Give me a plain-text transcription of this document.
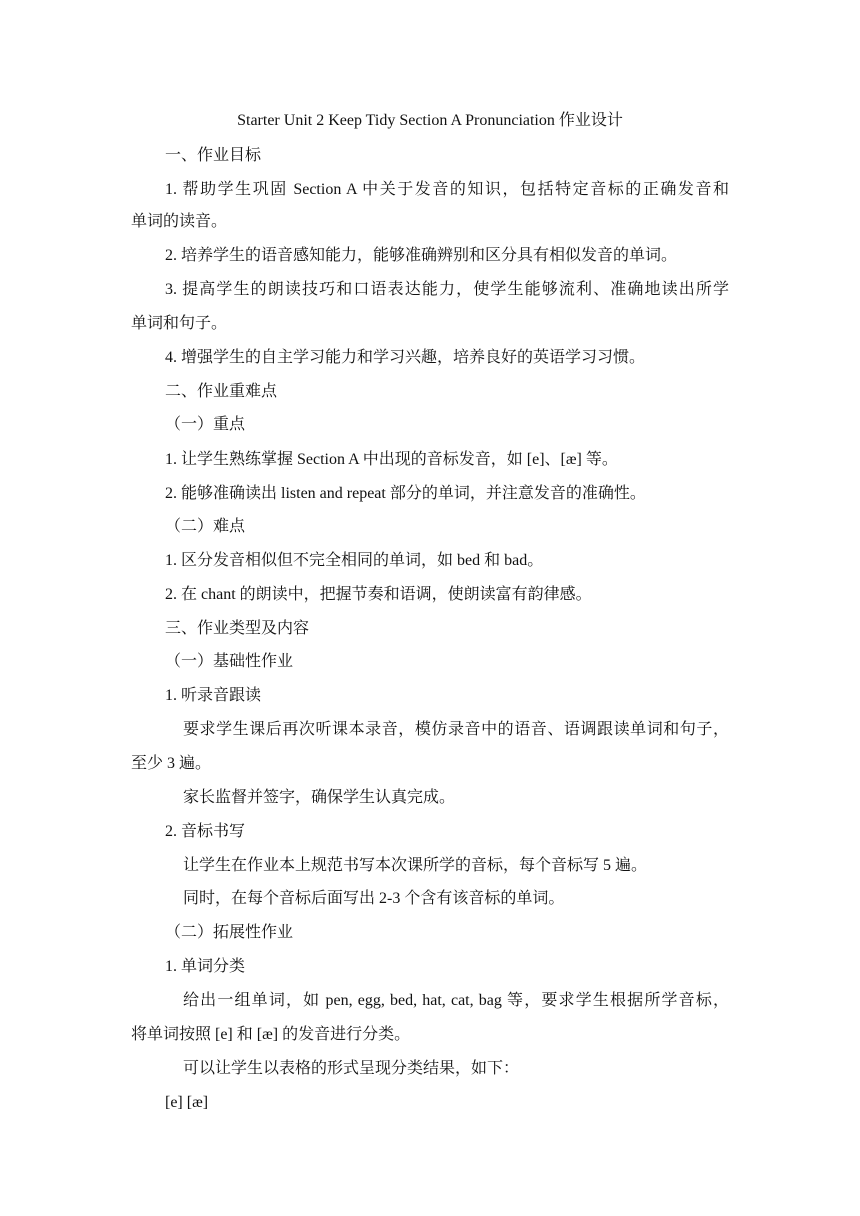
Starter Unit 2 Keep Tidy Section A Pronunciation 作业设计
一、作业目标
1. 帮助学生巩固 Section A 中关于发音的知识，包括特定音标的正确发音和
单词的读音。
2. 培养学生的语音感知能力，能够准确辨别和区分具有相似发音的单词。
3. 提高学生的朗读技巧和口语表达能力，使学生能够流利、准确地读出所学
单词和句子。
4. 增强学生的自主学习能力和学习兴趣，培养良好的英语学习习惯。
二、作业重难点
（一）重点
1. 让学生熟练掌握 Section A 中出现的音标发音，如 [e]、[æ] 等。
2. 能够准确读出 listen and repeat 部分的单词，并注意发音的准确性。
（二）难点
1. 区分发音相似但不完全相同的单词，如 bed 和 bad。
2. 在 chant 的朗读中，把握节奏和语调，使朗读富有韵律感。
三、作业类型及内容
（一）基础性作业
1. 听录音跟读
要求学生课后再次听课本录音，模仿录音中的语音、语调跟读单词和句子，
至少 3 遍。
家长监督并签字，确保学生认真完成。
2. 音标书写
让学生在作业本上规范书写本次课所学的音标，每个音标写 5 遍。
同时，在每个音标后面写出 2-3 个含有该音标的单词。
（二）拓展性作业
1. 单词分类
给出一组单词，如 pen, egg, bed, hat, cat, bag 等，要求学生根据所学音标，
将单词按照 [e] 和 [æ] 的发音进行分类。
可以让学生以表格的形式呈现分类结果，如下：
[e] [æ]
